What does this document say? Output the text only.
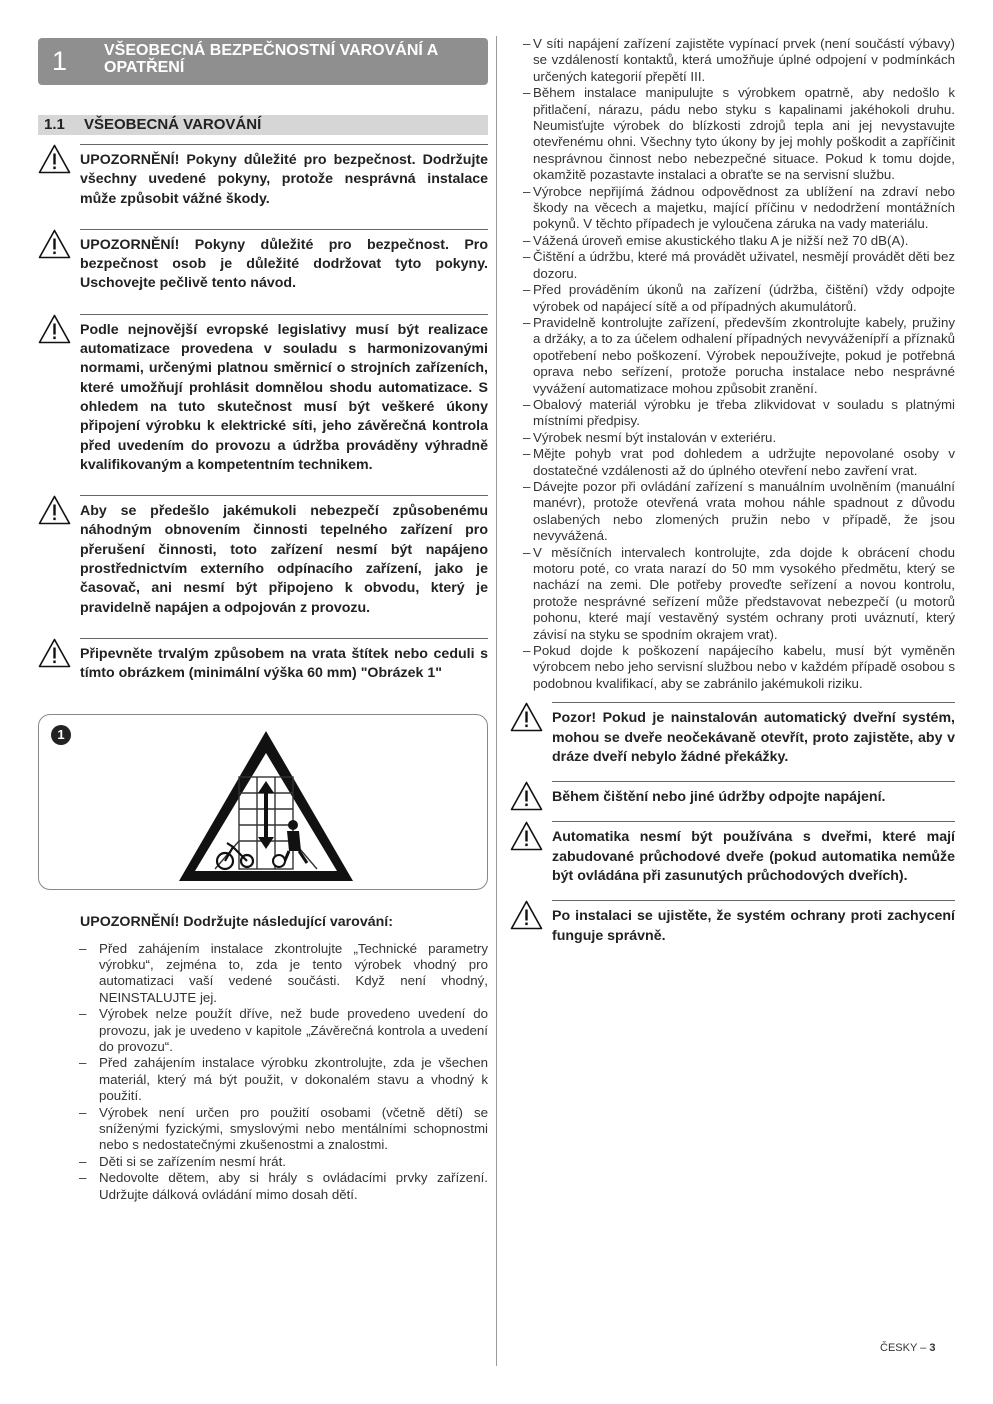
1 VŠEOBECNÁ BEZPEČNOSTNÍ VAROVÁNÍ A OPATŘENÍ
1.1 VŠEOBECNÁ VAROVÁNÍ

UPOZORNĚNÍ! Pokyny důležité pro bezpečnost. Dodržujte všechny uvedené pokyny, protože nesprávná instalace může způsobit vážné škody.

UPOZORNĚNÍ! Pokyny důležité pro bezpečnost. Pro bezpečnost osob je důležité dodržovat tyto pokyny. Uschovejte pečlivě tento návod.

Podle nejnovější evropské legislativy musí být realizace automatizace provedena v souladu s harmonizovanými normami, určenými platnou směrnicí o strojních zařízeních, které umožňují prohlásit domnělou shodu automatizace. S ohledem na tuto skutečnost musí být veškeré úkony připojení výrobku k elektrické síti, jeho závěrečná kontrola před uvedením do provozu a údržba prováděny výhradně kvalifikovaným a kompetentním technikem.

Aby se předešlo jakémukoli nebezpečí způsobenému náhodným obnovením činnosti tepelného zařízení pro přerušení činnosti, toto zařízení nesmí být napájeno prostřednictvím externího odpínacího zařízení, jako je časovač, ani nesmí být připojeno k obvodu, který je pravidelně napájen a odpojován z provozu.

Připevněte trvalým způsobem na vrata štítek nebo ceduli s tímto obrázkem (minimální výška 60 mm) "Obrázek 1"

1

UPOZORNĚNÍ! Dodržujte následující varování:

– Před zahájením instalace zkontrolujte „Technické parametry výrobku“, zejména to, zda je tento výrobek vhodný pro automatizaci vaší vedené součásti. Když není vhodný, NEINSTALUJTE jej.
– Výrobek nelze použít dříve, než bude provedeno uvedení do provozu, jak je uvedeno v kapitole „Závěrečná kontrola a uvedení do provozu“.
– Před zahájením instalace výrobku zkontrolujte, zda je všechen materiál, který má být použit, v dokonalém stavu a vhodný k použití.
– Výrobek není určen pro použití osobami (včetně dětí) se sníženými fyzickými, smyslovými nebo mentálními schopnostmi nebo s nedostatečnými zkušenostmi a znalostmi.
– Děti si se zařízením nesmí hrát.
– Nedovolte dětem, aby si hrály s ovládacími prvky zařízení. Udržujte dálková ovládání mimo dosah dětí.
– V síti napájení zařízení zajistěte vypínací prvek (není součástí výbavy) se vzdáleností kontaktů, která umožňuje úplné odpojení v podmínkách určených kategorií přepětí III.
– Během instalace manipulujte s výrobkem opatrně, aby nedošlo k přitlačení, nárazu, pádu nebo styku s kapalinami jakéhokoli druhu. Neumisťujte výrobek do blízkosti zdrojů tepla ani jej nevystavujte otevřenému ohni. Všechny tyto úkony by jej mohly poškodit a zapříčinit nesprávnou činnost nebo nebezpečné situace. Pokud k tomu dojde, okamžitě pozastavte instalaci a obraťte se na servisní službu.
– Výrobce nepřijímá žádnou odpovědnost za ublížení na zdraví nebo škody na věcech a majetku, mající příčinu v nedodržení montážních pokynů. V těchto případech je vyloučena záruka na vady materiálu.
– Vážená úroveň emise akustického tlaku A je nižší než 70 dB(A).
– Čištění a údržbu, které má provádět uživatel, nesmějí provádět děti bez dozoru.
– Před prováděním úkonů na zařízení (údržba, čištění) vždy odpojte výrobek od napájecí sítě a od případných akumulátorů.
– Pravidelně kontrolujte zařízení, především zkontrolujte kabely, pružiny a držáky, a to za účelem odhalení případných nevyváženípří a příznaků opotřebení nebo poškození. Výrobek nepoužívejte, pokud je potřebná oprava nebo seřízení, protože porucha instalace nebo nesprávné vyvážení automatizace mohou způsobit zranění.
– Obalový materiál výrobku je třeba zlikvidovat v souladu s platnými místními předpisy.
– Výrobek nesmí být instalován v exteriéru.
– Mějte pohyb vrat pod dohledem a udržujte nepovolané osoby v dostatečné vzdálenosti až do úplného otevření nebo zavření vrat.
– Dávejte pozor při ovládání zařízení s manuálním uvolněním (manuální manévr), protože otevřená vrata mohou náhle spadnout z důvodu oslabených nebo zlomených pružin nebo v případě, že jsou nevyvážená.
– V měsíčních intervalech kontrolujte, zda dojde k obrácení chodu motoru poté, co vrata narazí do 50 mm vysokého předmětu, který se nachází na zemi. Dle potřeby proveďte seřízení a novou kontrolu, protože nesprávné seřízení může představovat nebezpečí (u motorů pohonu, které mají vestavěný systém ochrany proti uváznutí, který závisí na styku se spodním okrajem vrat).
– Pokud dojde k poškození napájecího kabelu, musí být vyměněn výrobcem nebo jeho servisní službou nebo v každém případě osobou s podobnou kvalifikací, aby se zabránilo jakémukoli riziku.

Pozor! Pokud je nainstalován automatický dveřní systém, mohou se dveře neočekávaně otevřít, proto zajistěte, aby v dráze dveří nebylo žádné překážky.

Během čištění nebo jiné údržby odpojte napájení.

Automatika nesmí být používána s dveřmi, které mají zabudované průchodové dveře (pokud automatika nemůže být ovládána při zasunutých průchodových dveřích).

Po instalaci se ujistěte, že systém ochrany proti zachycení funguje správně.

ČESKY – 3
